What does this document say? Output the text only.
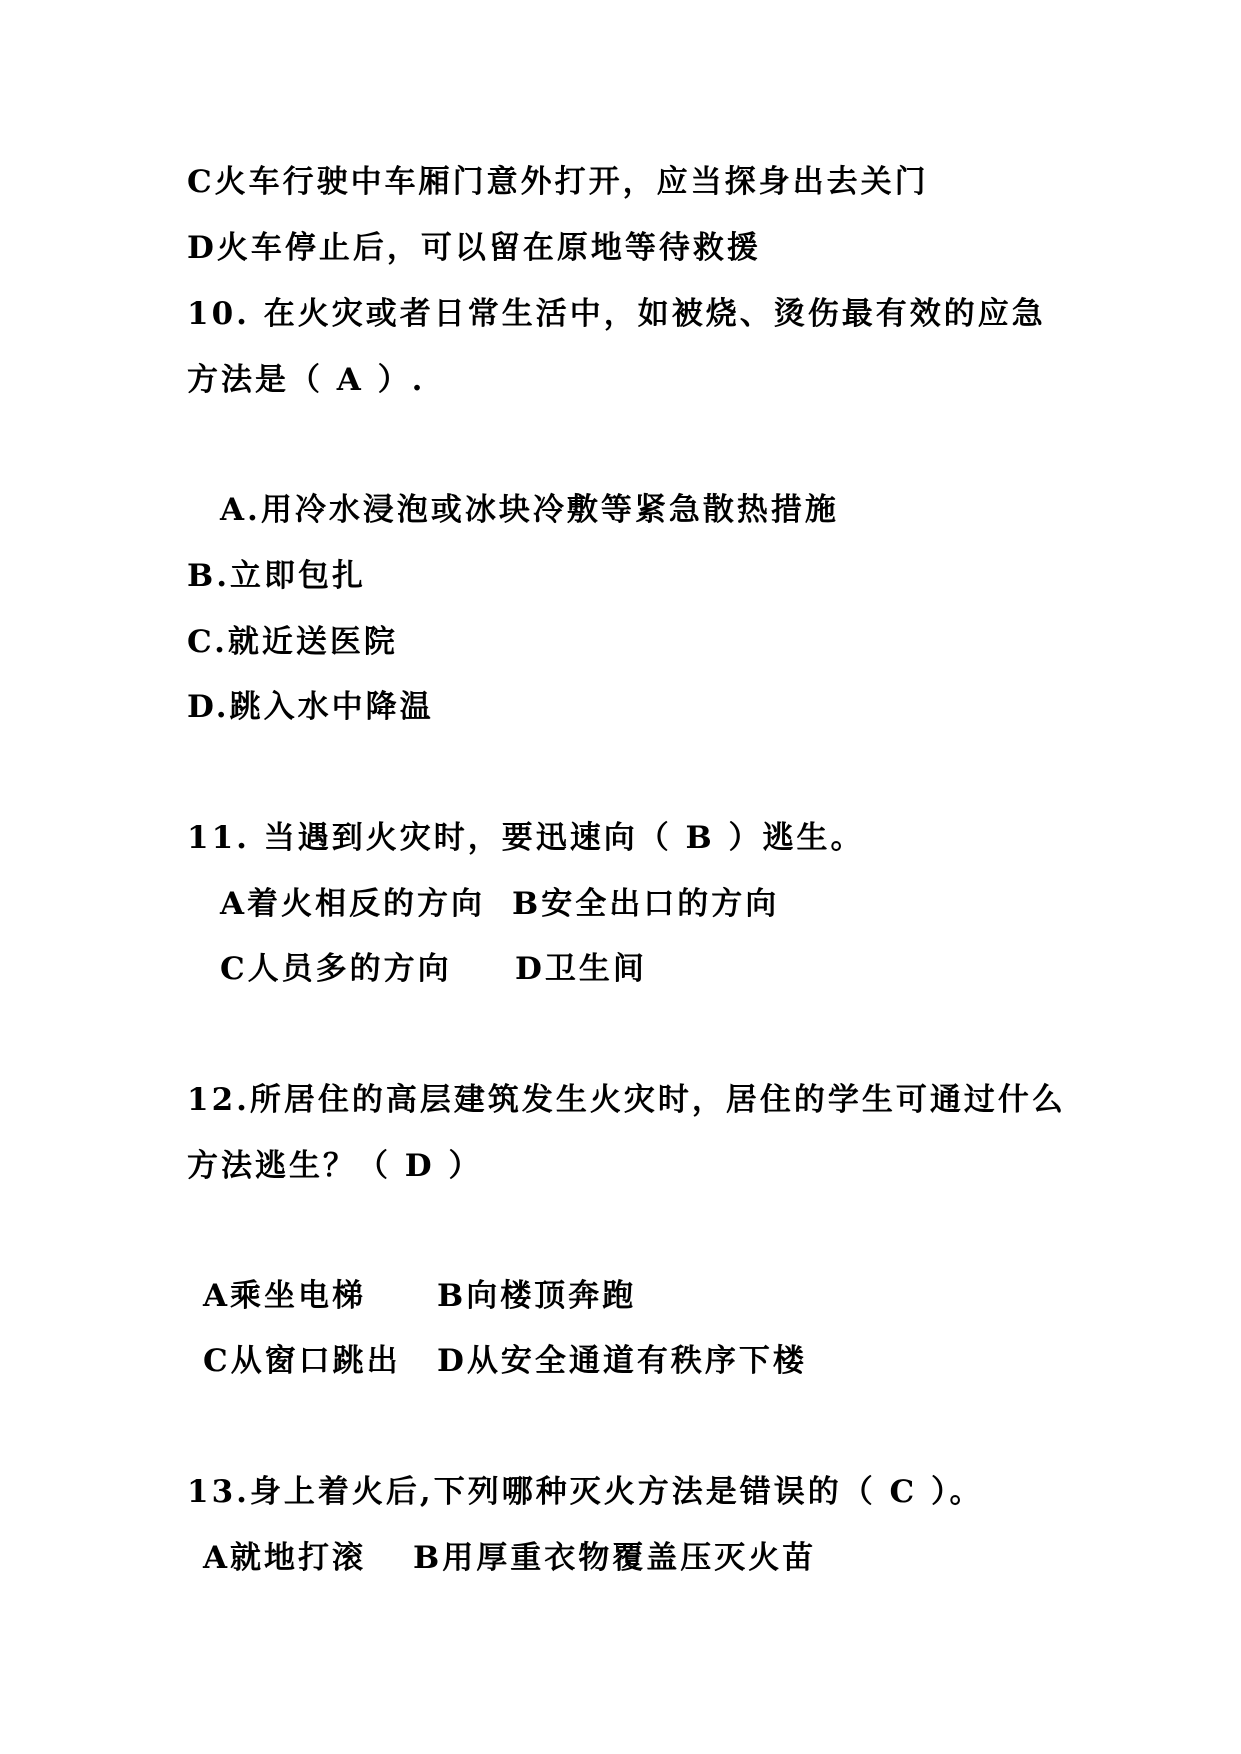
C火车行驶中车厢门意外打开，应当探身出去关门
D火车停止后，可以留在原地等待救援
10. 在火灾或者日常生活中，如被烧、烫伤最有效的应急
方法是（ A ）.
A.用冷水浸泡或冰块冷敷等紧急散热措施
B.立即包扎
C.就近送医院
D.跳入水中降温
11. 当遇到火灾时，要迅速向（ B ）逃生。
A着火相反的方向 B安全出口的方向
C人员多的方向 D卫生间
12.所居住的高层建筑发生火灾时，居住的学生可通过什么
方法逃生？（ D ）
A乘坐电梯 B向楼顶奔跑
C从窗口跳出 D从安全通道有秩序下楼
13.身上着火后,下列哪种灭火方法是错误的（ C ）。
A就地打滚 B用厚重衣物覆盖压灭火苗
